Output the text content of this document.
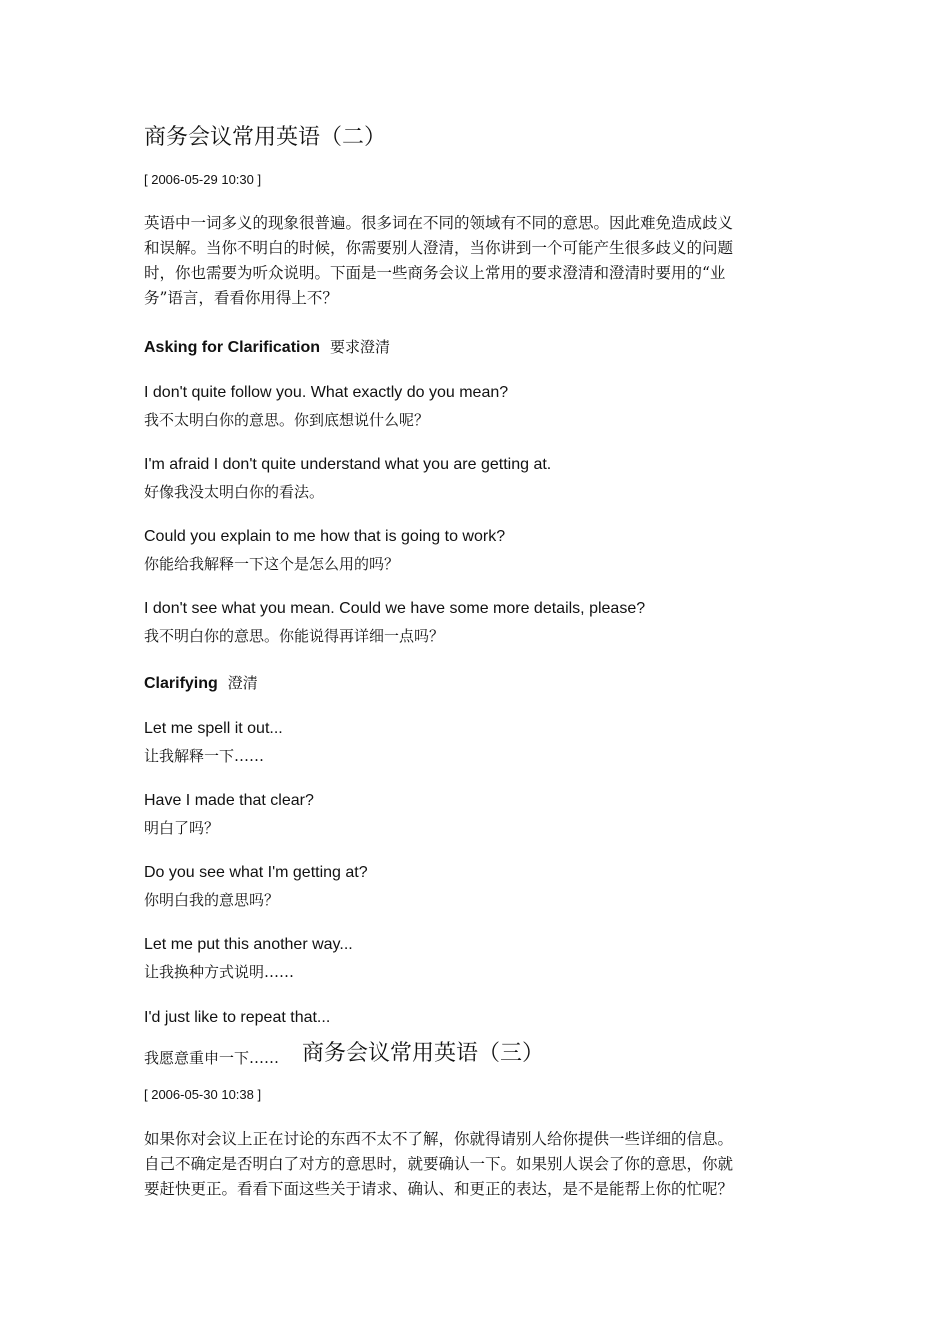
商务会议常用英语（二）
[ 2006-05-29 10:30 ]
英语中一词多义的现象很普遍。很多词在不同的领域有不同的意思。因此难免造成歧义
和误解。当你不明白的时候，你需要别人澄清，当你讲到一个可能产生很多歧义的问题
时，你也需要为听众说明。下面是一些商务会议上常用的要求澄清和澄清时要用的“业
务”语言，看看你用得上不？
Asking for Clarification 要求澄清
I don't quite follow you. What exactly do you mean?
我不太明白你的意思。你到底想说什么呢？
I'm afraid I don't quite understand what you are getting at.
好像我没太明白你的看法。
Could you explain to me how that is going to work?
你能给我解释一下这个是怎么用的吗？
I don't see what you mean. Could we have some more details, please?
我不明白你的意思。你能说得再详细一点吗？
Clarifying 澄清
Let me spell it out...
让我解释一下……
Have I made that clear?
明白了吗？
Do you see what I'm getting at?
你明白我的意思吗？
Let me put this another way...
让我换种方式说明……
I'd just like to repeat that...
我愿意重申一下…… 商务会议常用英语（三）
[ 2006-05-30 10:38 ]
如果你对会议上正在讨论的东西不太不了解，你就得请别人给你提供一些详细的信息。
自己不确定是否明白了对方的意思时，就要确认一下。如果别人误会了你的意思，你就
要赶快更正。看看下面这些关于请求、确认、和更正的表达，是不是能帮上你的忙呢？
